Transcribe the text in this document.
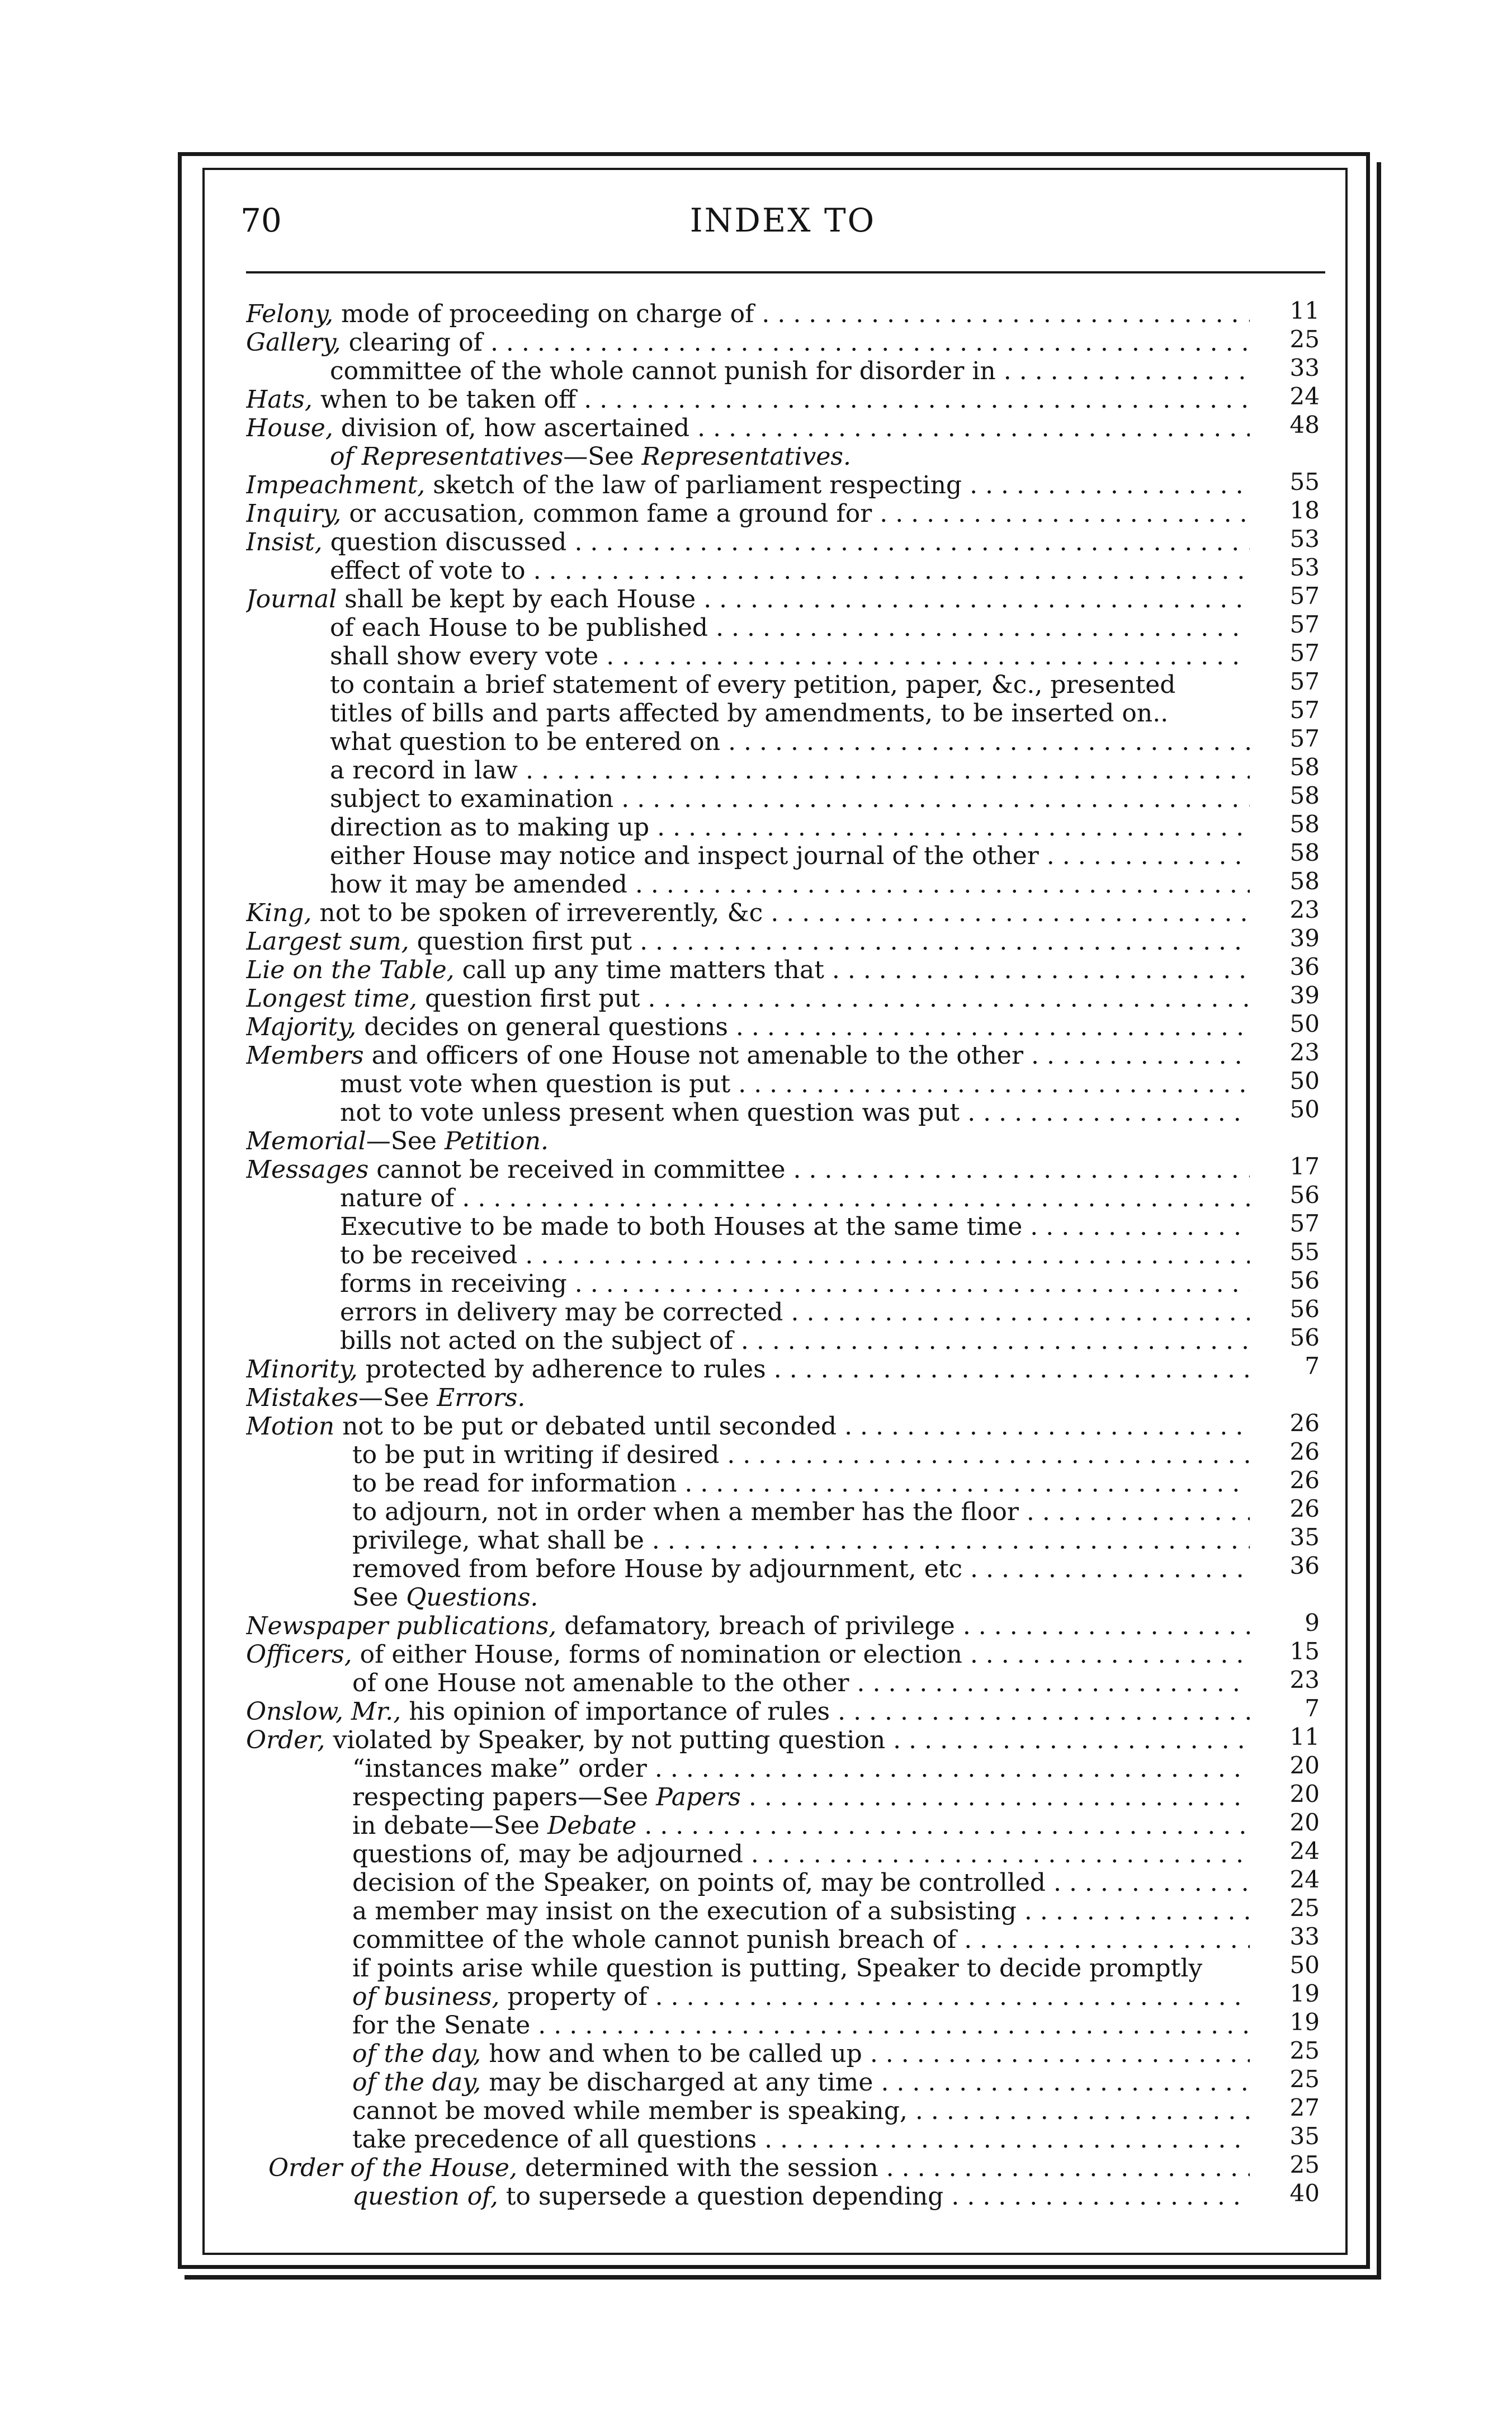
70	INDEX TO
Felony, mode of proceeding on charge of . . .	11
Gallery, clearing of . . .	25
committee of the whole cannot punish for disorder in . . .	33
Hats, when to be taken off . . .	24
House, division of, how ascertained . . .	48
of Representatives—See Representatives.
Impeachment, sketch of the law of parliament respecting . . .	55
Inquiry, or accusation, common fame a ground for . . .	18
Insist, question discussed . . .	53
effect of vote to . . .	53
Journal shall be kept by each House . . .	57
of each House to be published . . .	57
shall show every vote . . .	57
to contain a brief statement of every petition, paper, &c., presented	57
titles of bills and parts affected by amendments, to be inserted on..	57
what question to be entered on . . .	57
a record in law . . .	58
subject to examination . . .	58
direction as to making up . . .	58
either House may notice and inspect journal of the other . . .	58
how it may be amended . . .	58
King, not to be spoken of irreverently, &c . . .	23
Largest sum, question first put . . .	39
Lie on the Table, call up any time matters that . . .	36
Longest time, question first put . . .	39
Majority, decides on general questions . . .	50
Members and officers of one House not amenable to the other . . .	23
must vote when question is put . . .	50
not to vote unless present when question was put . . .	50
Memorial—See Petition.
Messages cannot be received in committee . . .	17
nature of . . .	56
Executive to be made to both Houses at the same time . . .	57
to be received . . .	55
forms in receiving . . .	56
errors in delivery may be corrected . . .	56
bills not acted on the subject of . . .	56
Minority, protected by adherence to rules . . .	7
Mistakes—See Errors.
Motion not to be put or debated until seconded . . .	26
to be put in writing if desired . . .	26
to be read for information . . .	26
to adjourn, not in order when a member has the floor . . .	26
privilege, what shall be . . .	35
removed from before House by adjournment, etc . . .	36
See Questions.
Newspaper publications, defamatory, breach of privilege . . .	9
Officers, of either House, forms of nomination or election . . .	15
of one House not amenable to the other . . .	23
Onslow, Mr., his opinion of importance of rules . . .	7
Order, violated by Speaker, by not putting question . . .	11
“instances make” order . . .	20
respecting papers—See Papers . . .	20
in debate—See Debate . . .	20
questions of, may be adjourned . . .	24
decision of the Speaker, on points of, may be controlled . . .	24
a member may insist on the execution of a subsisting . . .	25
committee of the whole cannot punish breach of . . .	33
if points arise while question is putting, Speaker to decide promptly	50
of business, property of . . .	19
for the Senate . . .	19
of the day, how and when to be called up . . .	25
of the day, may be discharged at any time . . .	25
cannot be moved while member is speaking, . . .	27
take precedence of all questions . . .	35
Order of the House, determined with the session . . .	25
question of, to supersede a question depending . . .	40
